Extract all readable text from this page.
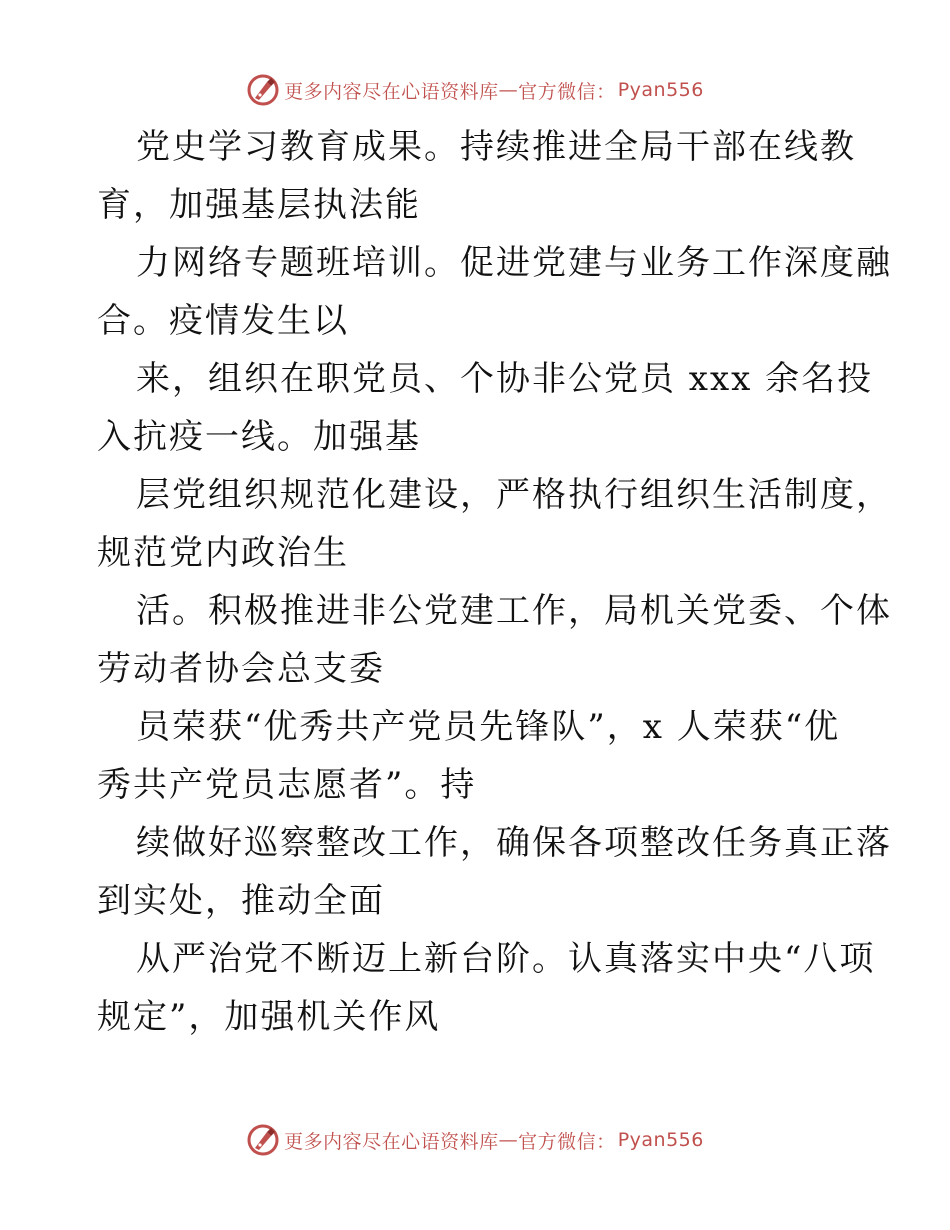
更多内容尽在心语资料库 — 官方微信： Pyan556
党史学习教育成果。持续推进全局干部在线教
育，加强基层执法能
力网络专题班培训。促进党建与业务工作深度融
合。疫情发生以
来，组织在职党员、个协非公党员 xxx 余名投
入抗疫一线。加强基
层党组织规范化建设，严格执行组织生活制度，
规范党内政治生
活。积极推进非公党建工作，局机关党委、个体
劳动者协会总支委
员荣获“优秀共产党员先锋队”，x 人荣获“优
秀共产党员志愿者”。持
续做好巡察整改工作，确保各项整改任务真正落
到实处，推动全面
从严治党不断迈上新台阶。认真落实中央“八项
规定”，加强机关作风
更多内容尽在心语资料库 — 官方微信： Pyan556
